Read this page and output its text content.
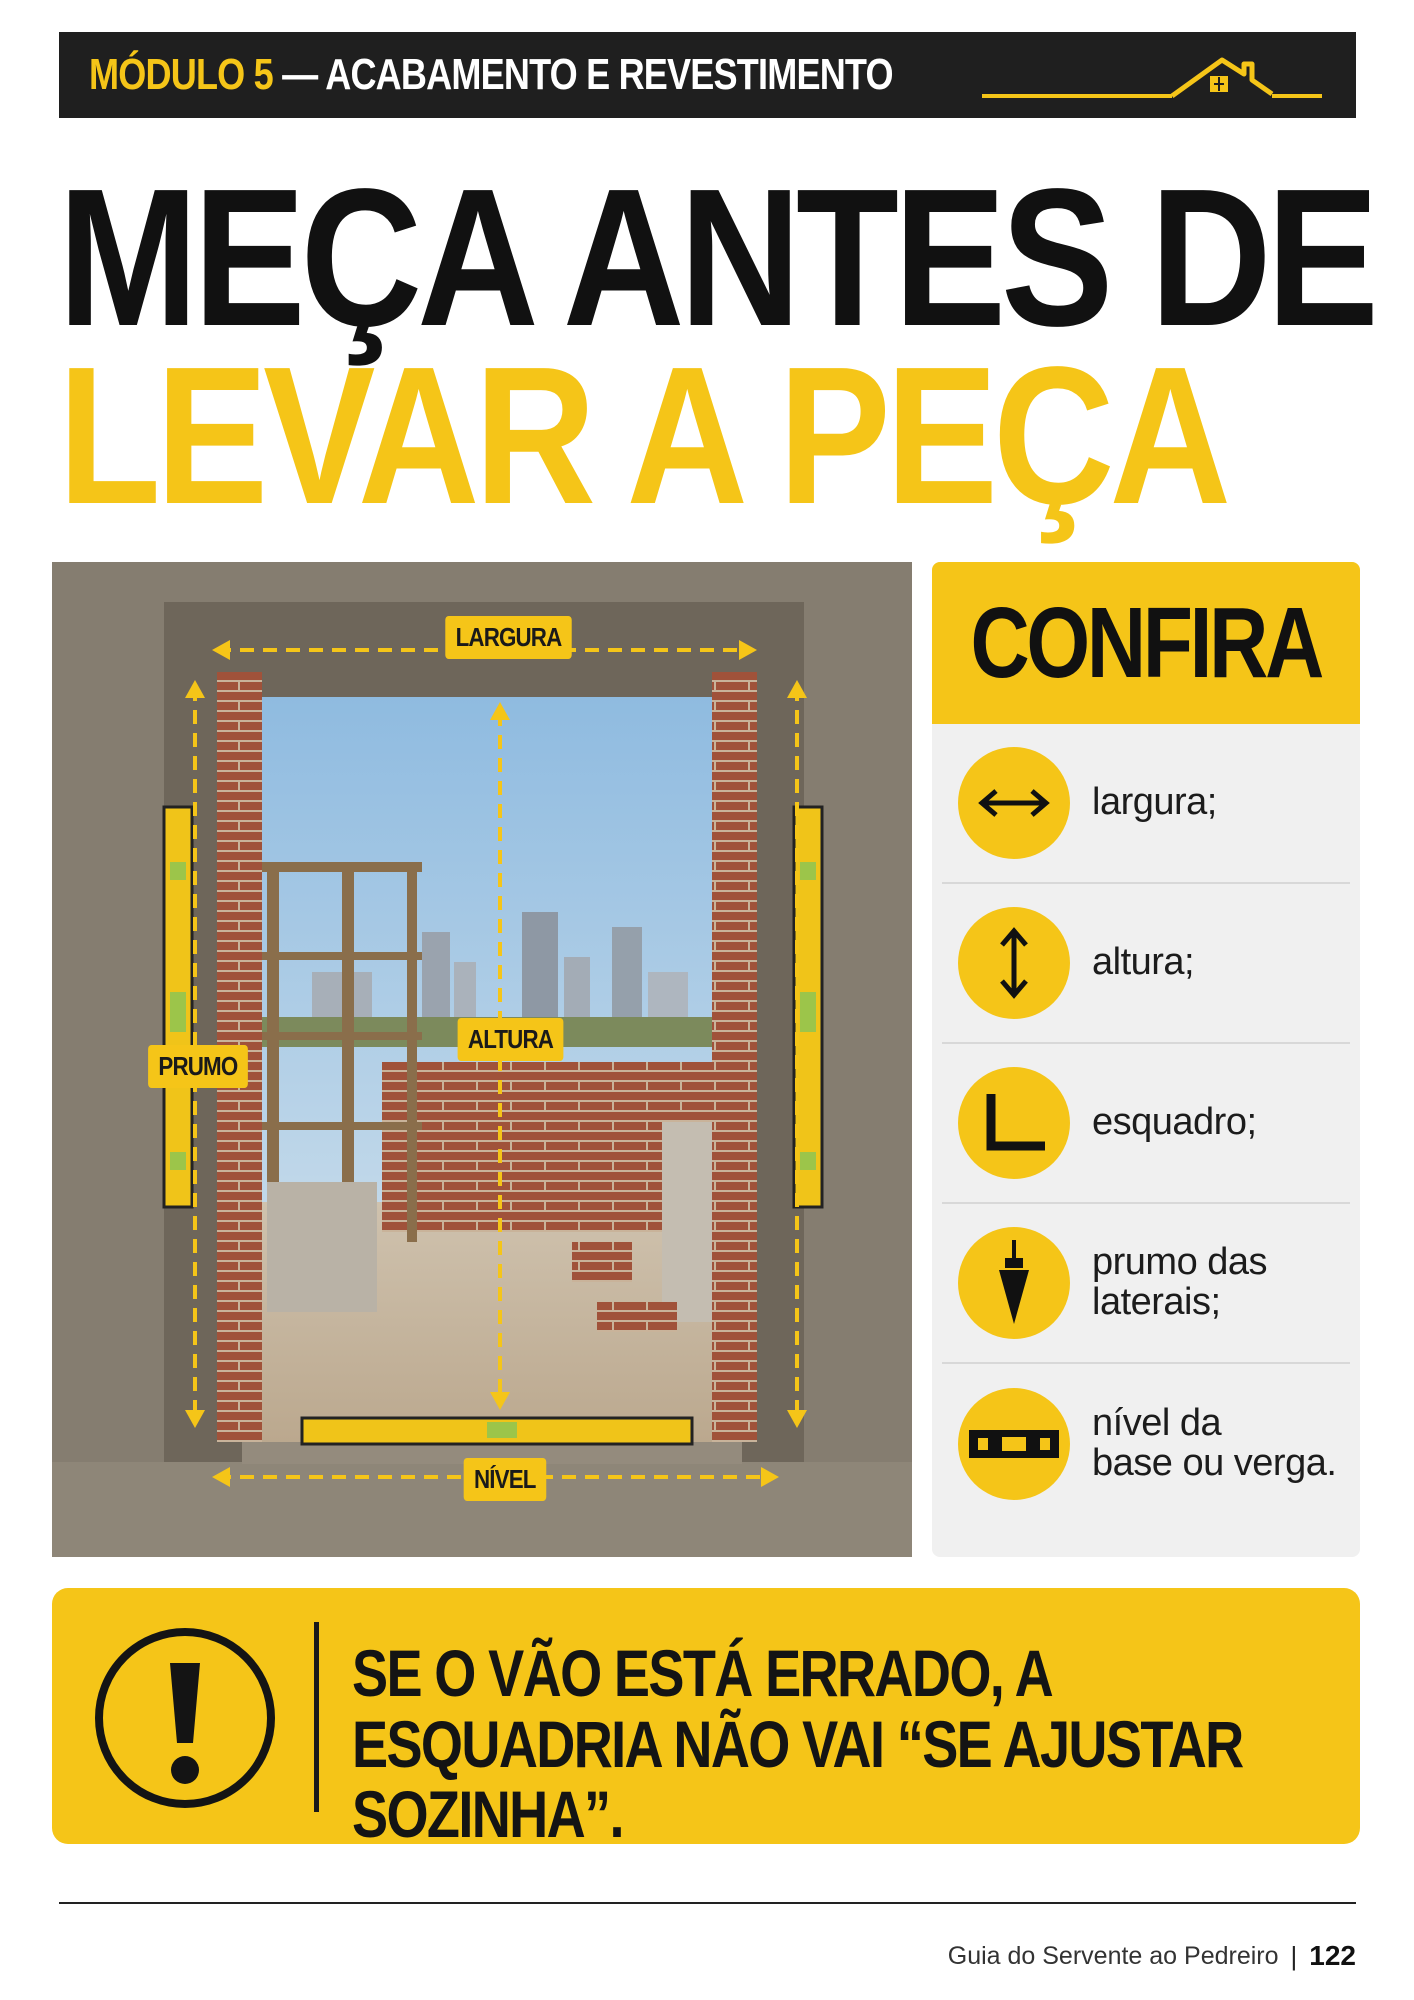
MÓDULO 5 — ACABAMENTO E REVESTIMENTO
MEÇA ANTES DE
LEVAR A PEÇA
LARGURA
ALTURA
PRUMO
NÍVEL
CONFIRA
largura;
altura;
esquadro;
prumo das
laterais;
nível da
base ou verga.
SE O VÃO ESTÁ ERRADO, A
ESQUADRIA NÃO VAI “SE AJUSTAR
SOZINHA”.
Guia do Servente ao Pedreiro | 122
